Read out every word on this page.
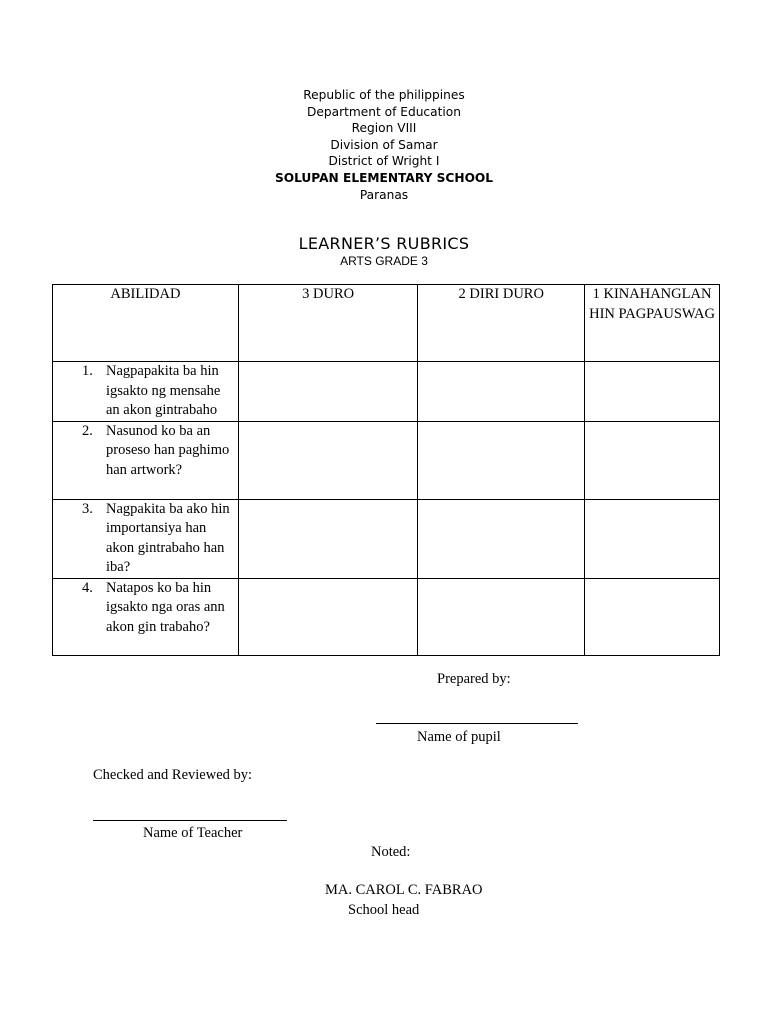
Republic of the philippines
Department of Education
Region VIII
Division of Samar
District of Wright I
SOLUPAN ELEMENTARY SCHOOL
Paranas
LEARNER’S RUBRICS
ARTS GRADE 3
ABILIDAD	3 DURO	2 DIRI DURO	1 KINAHANGLAN HIN PAGPAUSWAG

1. Nagpapakita ba hin igsakto ng mensahe an akon gintrabaho			

2. Nasunod ko ba an proseso han paghimo han artwork?			

3. Nagpakita ba ako hin importansiya han akon gintrabaho han iba?			

4. Natapos ko ba hin igsakto nga oras ann akon gin trabaho?			

Prepared by:
Name of pupil
Checked and Reviewed by:
Name of Teacher
Noted:
MA. CAROL C. FABRAO
School head
